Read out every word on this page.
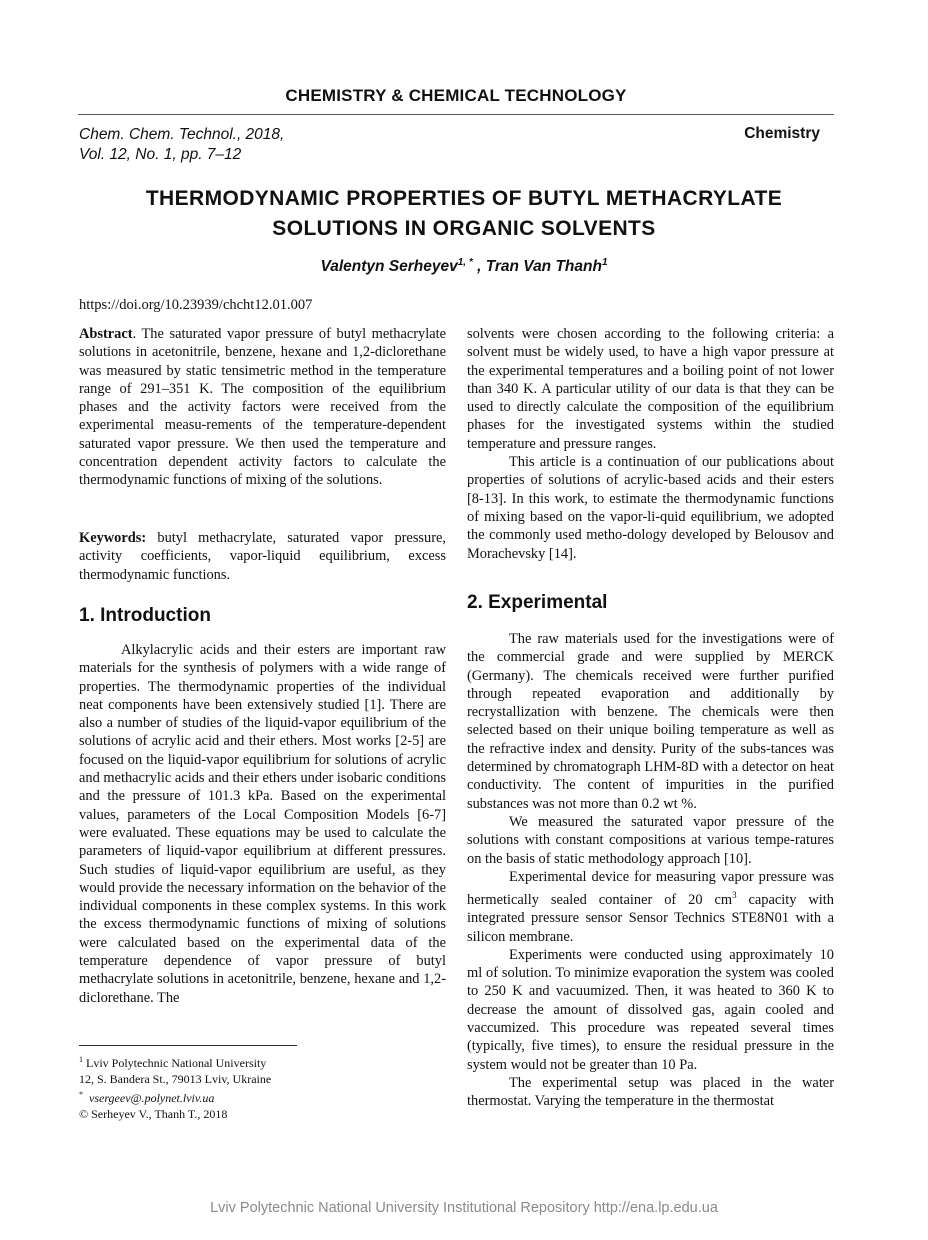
CHEMISTRY & CHEMICAL TECHNOLOGY
Chem. Chem. Technol., 2018,
Vol. 12, No. 1, pp. 7–12
Chemistry
THERMODYNAMIC PROPERTIES OF BUTYL METHACRYLATE
SOLUTIONS IN ORGANIC SOLVENTS
Valentyn Serheyev$^{1, *}$ , Tran Van Thanh$^1$
https://doi.org/10.23939/chcht12.01.007

Abstract. The saturated vapor pressure of butyl methacrylate solutions in acetonitrile, benzene, hexane and 1,2-diclorethane was measured by static tensimetric method in the temperature range of 291–351 K. The composition of the equilibrium phases and the activity factors were received from the experimental measu-rements of the temperature-dependent saturated vapor pressure. We then used the temperature and concentration dependent activity factors to calculate the thermodynamic functions of mixing of the solutions.

Keywords: butyl methacrylate, saturated vapor pressure, activity coefficients, vapor-liquid equilibrium, excess thermodynamic functions.

1. Introduction

Alkylacrylic acids and their esters are important raw materials for the synthesis of polymers with a wide range of properties. The thermodynamic properties of the individual neat components have been extensively studied [1]. There are also a number of studies of the liquid-vapor equilibrium of the solutions of acrylic acid and their ethers. Most works [2-5] are focused on the liquid-vapor equilibrium for solutions of acrylic and methacrylic acids and their ethers under isobaric conditions and the pressure of 101.3 kPa. Based on the experimental values, parameters of the Local Composition Models [6-7] were evaluated. These equations may be used to calculate the parameters of liquid-vapor equilibrium at different pressures. Such studies of liquid-vapor equilibrium are useful, as they would provide the necessary information on the behavior of the individual components in these complex systems. In this work the excess thermodynamic functions of mixing of solutions were calculated based on the experimental data of the temperature dependence of vapor pressure of butyl methacrylate solutions in acetonitrile, benzene, hexane and 1,2-diclorethane. The

$^1$ Lviv Polytechnic National University
12, S. Bandera St., 79013 Lviv, Ukraine
* vsergeev@.polynet.lviv.ua
© Serheyev V., Thanh T., 2018

solvents were chosen according to the following criteria: a solvent must be widely used, to have a high vapor pressure at the experimental temperatures and a boiling point of not lower than 340 K. A particular utility of our data is that they can be used to directly calculate the composition of the equilibrium phases for the investigated systems within the studied temperature and pressure ranges.

This article is a continuation of our publications about properties of solutions of acrylic-based acids and their esters [8-13]. In this work, to estimate the thermodynamic functions of mixing based on the vapor-li-quid equilibrium, we adopted the commonly used metho-dology developed by Belousov and Morachevsky [14].

2. Experimental

The raw materials used for the investigations were of the commercial grade and were supplied by MERCK (Germany). The chemicals received were further purified through repeated evaporation and additionally by recrystallization with benzene. The chemicals were then selected based on their unique boiling temperature as well as the refractive index and density. Purity of the subs-tances was determined by chromatograph LHM-8D with a detector on heat conductivity. The content of impurities in the purified substances was not more than 0.2 wt %.

We measured the saturated vapor pressure of the solutions with constant compositions at various tempe-ratures on the basis of static methodology approach [10].

Experimental device for measuring vapor pressure was hermetically sealed container of 20 $cm^3$ capacity with integrated pressure sensor Sensor Technics STE8N01 with a silicon membrane.

Experiments were conducted using approximately 10 ml of solution. To minimize evaporation the system was cooled to 250 K and vacuumized. Then, it was heated to 360 K to decrease the amount of dissolved gas, again cooled and vaccumized. This procedure was repeated several times (typically, five times), to ensure the residual pressure in the system would not be greater than 10 Pa.

The experimental setup was placed in the water thermostat. Varying the temperature in the thermostat

Lviv Polytechnic National University Institutional Repository http://ena.lp.edu.ua
